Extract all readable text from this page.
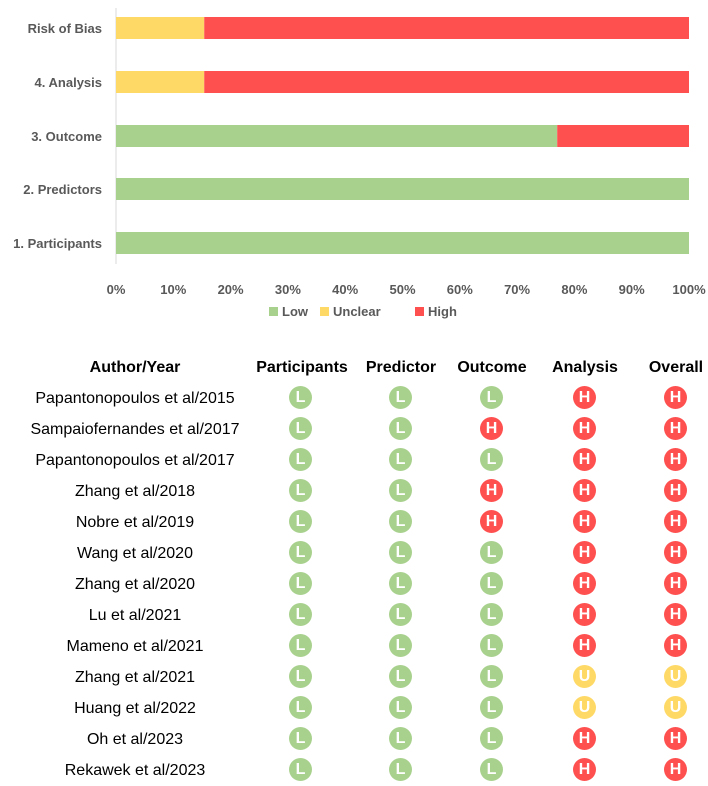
Risk of Bias
4. Analysis
3. Outcome
2. Predictors
1. Participants
0%	10% 20% 30% 40% 50% 60% 70% 80% 90% 100%
Low Unclear	High
Author/Year	Participants	Predictor	Outcome	Analysis	Overall
Papantonopoulos et al/2015	L	L	L	H	H
Sampaiofernandes et al/2017	L	L	H	H	H
Papantonopoulos et al/2017	L	L	L	H	H
Zhang et al/2018	L	L	H	H	H
Nobre et al/2019	L	L	H	H	H
Wang et al/2020	L	L	L	H	H
Zhang et al/2020	L	L	L	H	H
Lu et al/2021	L	L	L	H	H
Mameno et al/2021	L	L	L	H	H
Zhang et al/2021	L	L	L	U	U
Huang et al/2022	L	L	L	U	U
Oh et al/2023	L	L	L	H	H
Rekawek et al/2023	L	L	L	H	H
